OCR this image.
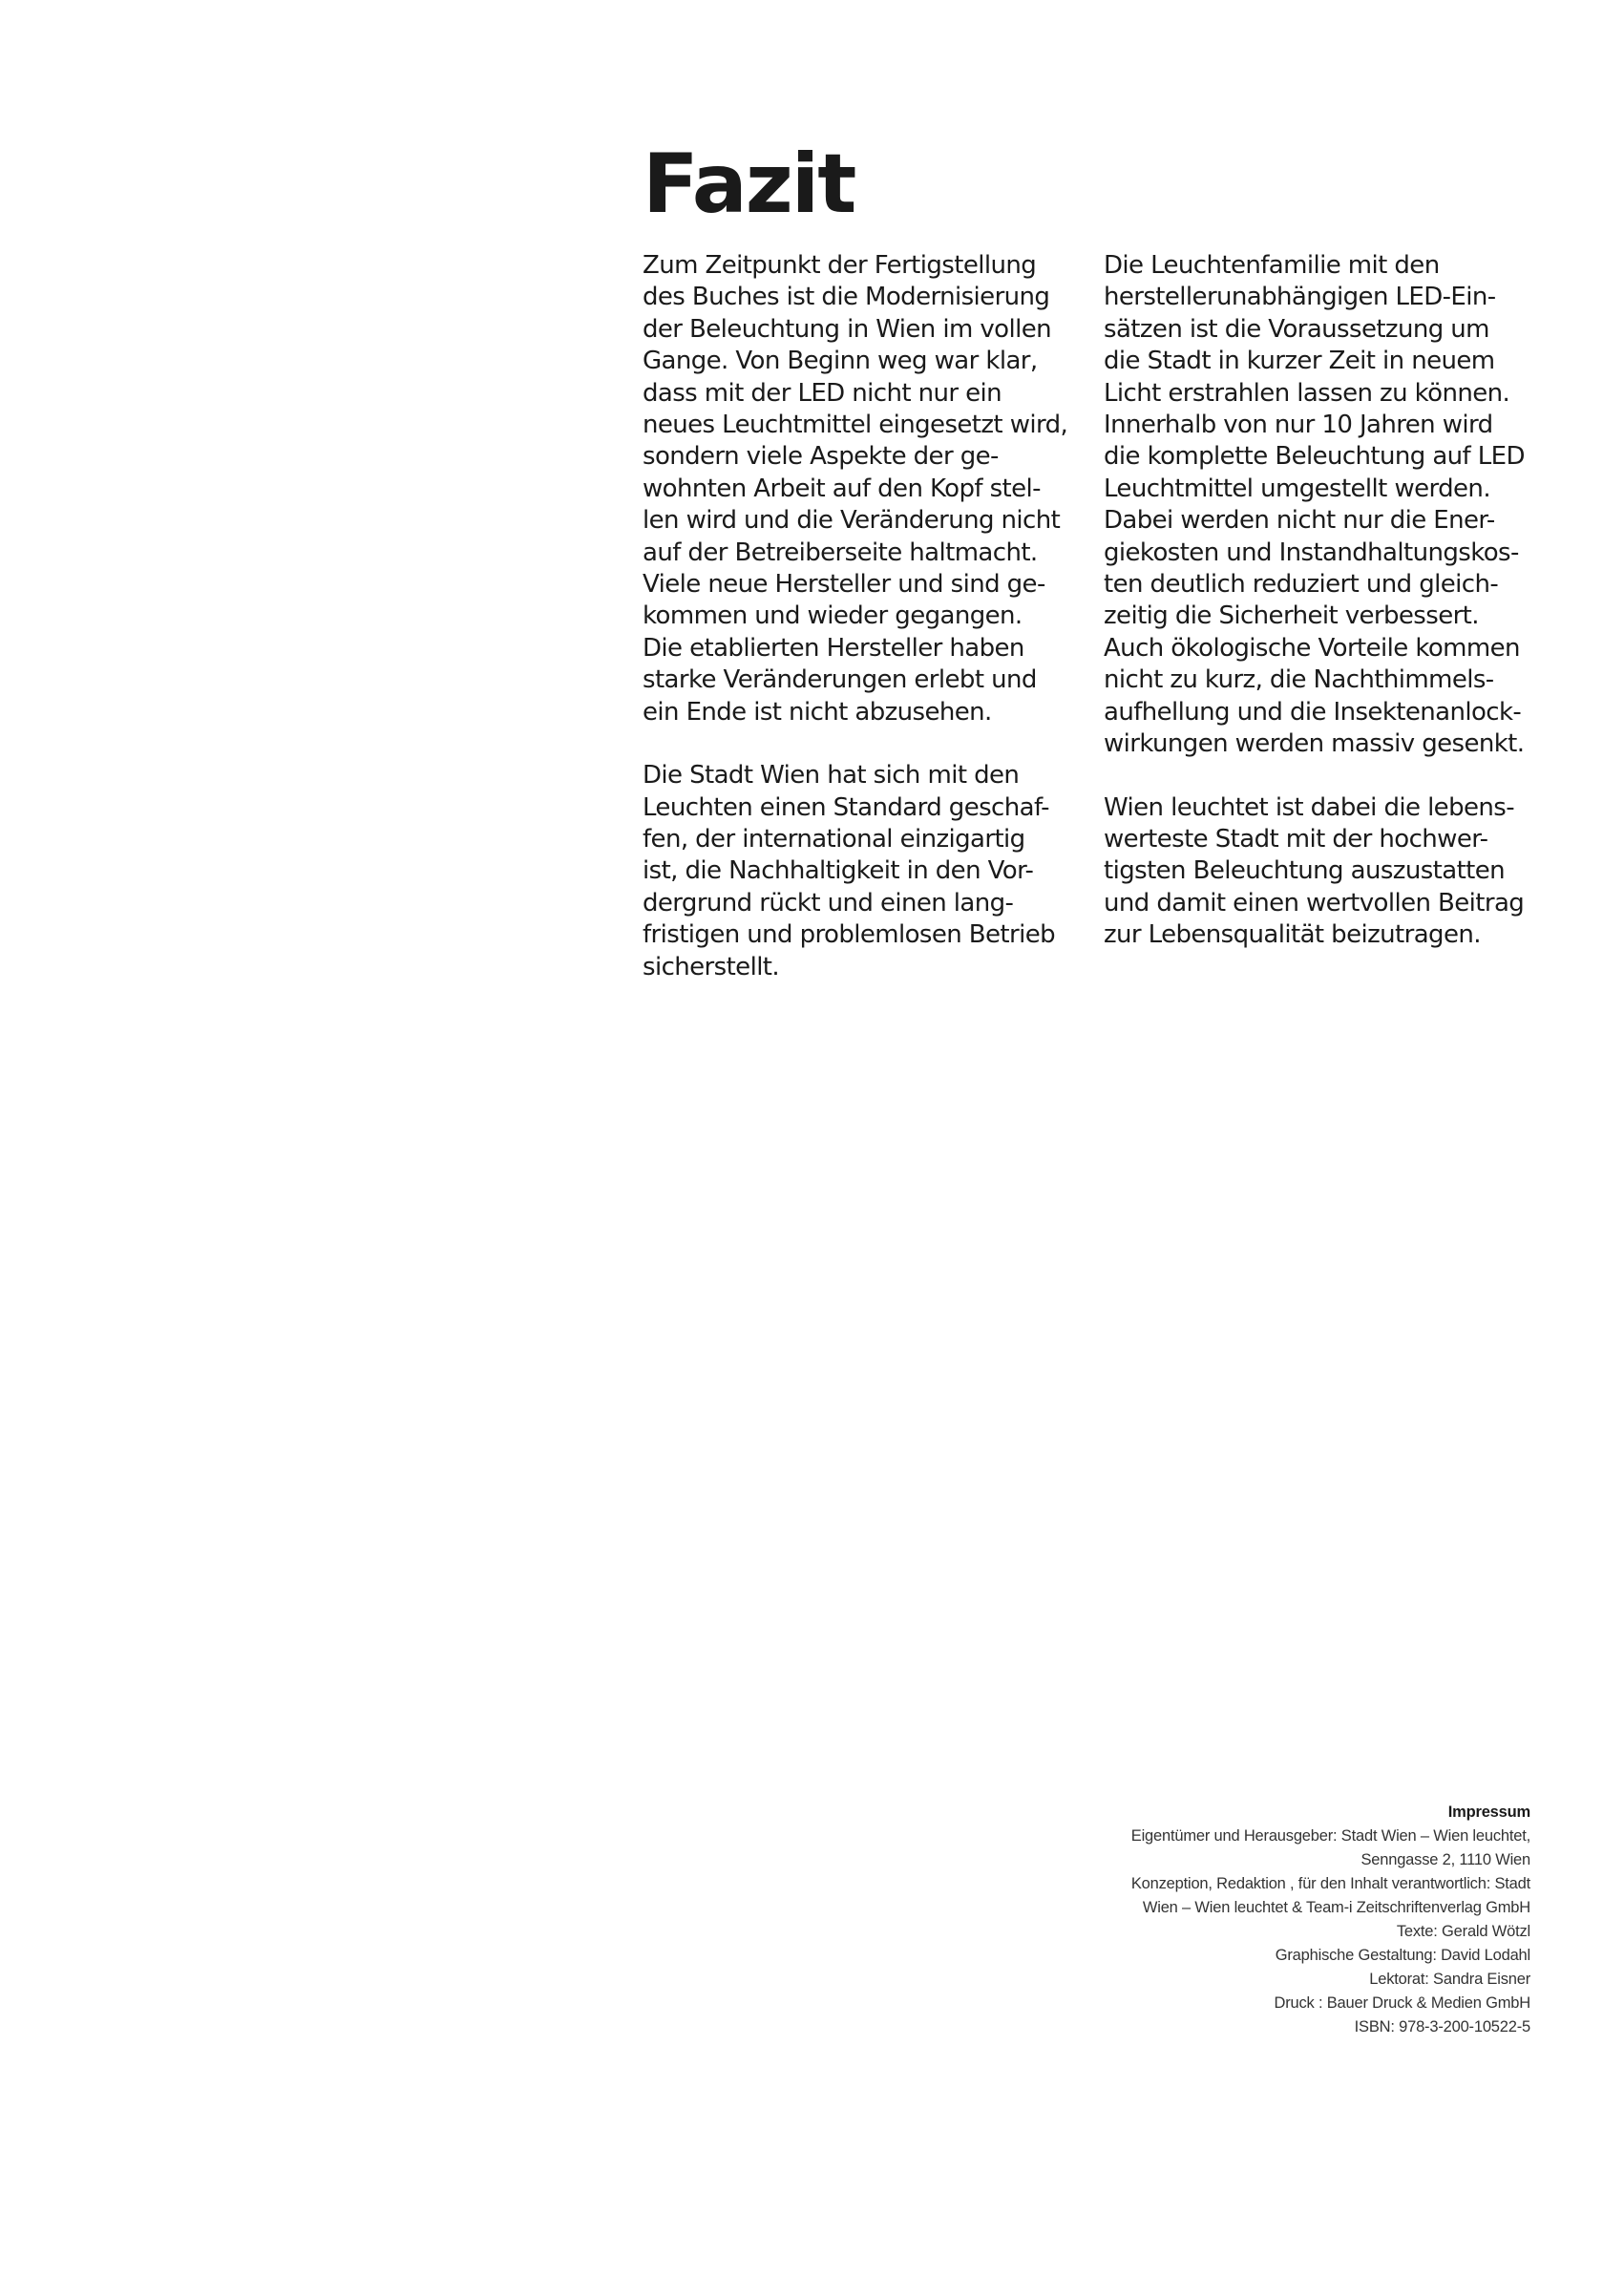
Fazit

Zum Zeitpunkt der Fertigstellung
des Buches ist die Modernisierung
der Beleuchtung in Wien im vollen
Gange. Von Beginn weg war klar,
dass mit der LED nicht nur ein
neues Leuchtmittel eingesetzt wird,
sondern viele Aspekte der ge-
wohnten Arbeit auf den Kopf stel-
len wird und die Veränderung nicht
auf der Betreiberseite haltmacht.
Viele neue Hersteller und sind ge-
kommen und wieder gegangen.
Die etablierten Hersteller haben
starke Veränderungen erlebt und
ein Ende ist nicht abzusehen.

Die Stadt Wien hat sich mit den
Leuchten einen Standard geschaf-
fen, der international einzigartig
ist, die Nachhaltigkeit in den Vor-
dergrund rückt und einen lang-
fristigen und problemlosen Betrieb
sicherstellt.

Die Leuchtenfamilie mit den
herstellerunabhängigen LED-Ein-
sätzen ist die Voraussetzung um
die Stadt in kurzer Zeit in neuem
Licht erstrahlen lassen zu können.
Innerhalb von nur 10 Jahren wird
die komplette Beleuchtung auf LED
Leuchtmittel umgestellt werden.
Dabei werden nicht nur die Ener-
giekosten und Instandhaltungskos-
ten deutlich reduziert und gleich-
zeitig die Sicherheit verbessert.
Auch ökologische Vorteile kommen
nicht zu kurz, die Nachthimmels-
aufhellung und die Insektenanlock-
wirkungen werden massiv gesenkt.

Wien leuchtet ist dabei die lebens-
werteste Stadt mit der hochwer-
tigsten Beleuchtung auszustatten
und damit einen wertvollen Beitrag
zur Lebensqualität beizutragen.

Impressum
Eigentümer und Herausgeber: Stadt Wien – Wien leuchtet,
Senngasse 2, 1110 Wien
Konzeption, Redaktion , für den Inhalt verantwortlich: Stadt
Wien – Wien leuchtet & Team-i Zeitschriftenverlag GmbH
Texte: Gerald Wötzl
Graphische Gestaltung: David Lodahl
Lektorat: Sandra Eisner
Druck : Bauer Druck & Medien GmbH
ISBN: 978-3-200-10522-5
